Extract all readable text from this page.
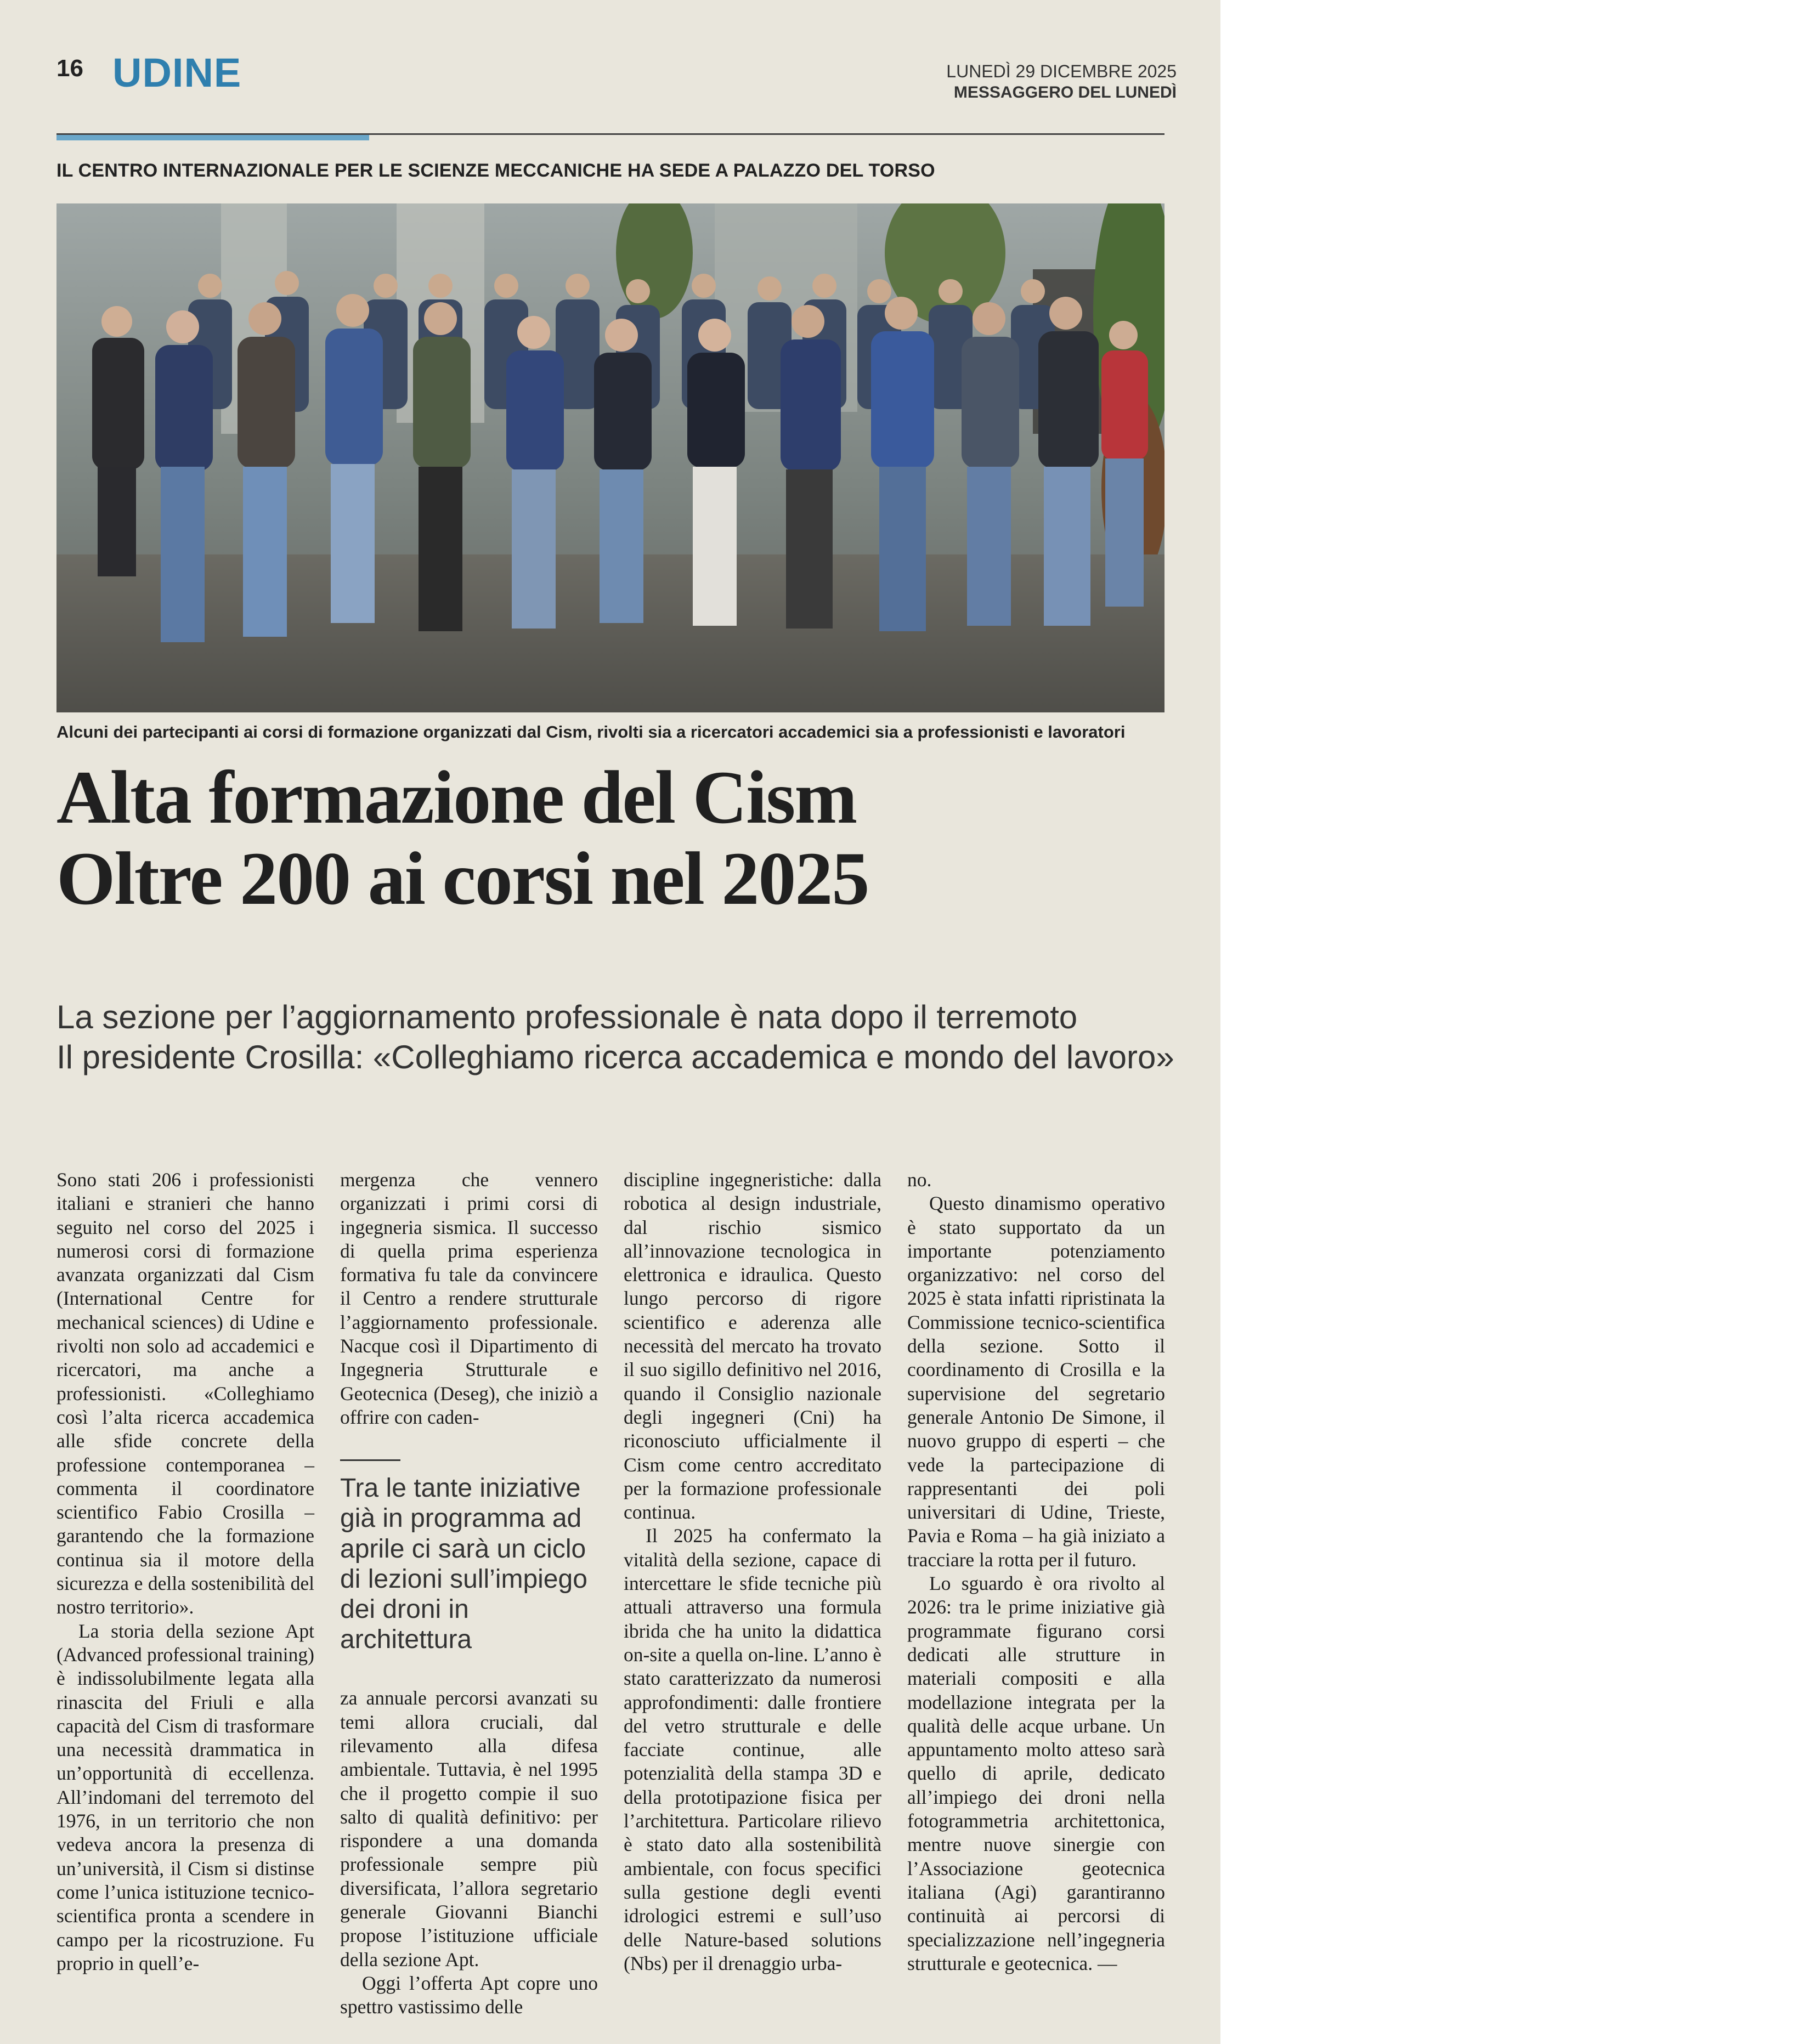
16 UDINE	LUNEDÌ 29 DICEMBRE 2025
MESSAGGERO DEL LUNEDÌ
IL CENTRO INTERNAZIONALE PER LE SCIENZE MECCANICHE HA SEDE A PALAZZO DEL TORSO
Alcuni dei partecipanti ai corsi di formazione organizzati dal Cism, rivolti sia a ricercatori accademici sia a professionisti e lavoratori
Alta formazione del Cism
Oltre 200 ai corsi nel 2025
La sezione per l’aggiornamento professionale è nata dopo il terremoto
Il presidente Crosilla: «Colleghiamo ricerca accademica e mondo del lavoro»

Sono stati 206 i professionisti italiani e stranieri che hanno seguito nel corso del 2025 i numerosi corsi di formazione avanzata organizzati dal Cism (International Centre for mechanical sciences) di Udine e rivolti non solo ad accademici e ricercatori, ma anche a professionisti. «Colleghiamo così l’alta ricerca accademica alle sfide concrete della professione contemporanea – commenta il coordinatore scientifico Fabio Crosilla – garantendo che la formazione continua sia il motore della sicurezza e della sostenibilità del nostro territorio».

La storia della sezione Apt (Advanced professional training) è indissolubilmente legata alla rinascita del Friuli e alla capacità del Cism di trasformare una necessità drammatica in un’opportunità di eccellenza. All’indomani del terremoto del 1976, in un territorio che non vedeva ancora la presenza di un’università, il Cism si distinse come l’unica istituzione tecnico-scientifica pronta a scendere in campo per la ricostruzione. Fu proprio in quell’e-

mergenza che vennero organizzati i primi corsi di ingegneria sismica. Il successo di quella prima esperienza formativa fu tale da convincere il Centro a rendere strutturale l’aggiornamento professionale. Nacque così il Dipartimento di Ingegneria Strutturale e Geotecnica (Deseg), che iniziò a offrire con caden-

Tra le tante iniziative già in programma ad aprile ci sarà un ciclo di lezioni sull’impiego dei droni in architettura

za annuale percorsi avanzati su temi allora cruciali, dal rilevamento alla difesa ambientale. Tuttavia, è nel 1995 che il progetto compie il suo salto di qualità definitivo: per rispondere a una domanda professionale sempre più diversificata, l’allora segretario generale Giovanni Bianchi propose l’istituzione ufficiale della sezione Apt.

Oggi l’offerta Apt copre uno spettro vastissimo delle

discipline ingegneristiche: dalla robotica al design industriale, dal rischio sismico all’innovazione tecnologica in elettronica e idraulica. Questo lungo percorso di rigore scientifico e aderenza alle necessità del mercato ha trovato il suo sigillo definitivo nel 2016, quando il Consiglio nazionale degli ingegneri (Cni) ha riconosciuto ufficialmente il Cism come centro accreditato per la formazione professionale continua.

Il 2025 ha confermato la vitalità della sezione, capace di intercettare le sfide tecniche più attuali attraverso una formula ibrida che ha unito la didattica on-site a quella on-line. L’anno è stato caratterizzato da numerosi approfondimenti: dalle frontiere del vetro strutturale e delle facciate continue, alle potenzialità della stampa 3D e della prototipazione fisica per l’architettura. Particolare rilievo è stato dato alla sostenibilità ambientale, con focus specifici sulla gestione degli eventi idrologici estremi e sull’uso delle Nature-based solutions (Nbs) per il drenaggio urba-

no.

Questo dinamismo operativo è stato supportato da un importante potenziamento organizzativo: nel corso del 2025 è stata infatti ripristinata la Commissione tecnico-scientifica della sezione. Sotto il coordinamento di Crosilla e la supervisione del segretario generale Antonio De Simone, il nuovo gruppo di esperti – che vede la partecipazione di rappresentanti dei poli universitari di Udine, Trieste, Pavia e Roma – ha già iniziato a tracciare la rotta per il futuro.

Lo sguardo è ora rivolto al 2026: tra le prime iniziative già programmate figurano corsi dedicati alle strutture in materiali compositi e alla modellazione integrata per la qualità delle acque urbane. Un appuntamento molto atteso sarà quello di aprile, dedicato all’impiego dei droni nella fotogrammetria architettonica, mentre nuove sinergie con l’Associazione geotecnica italiana (Agi) garantiranno continuità ai percorsi di specializzazione nell’ingegneria strutturale e geotecnica. —
